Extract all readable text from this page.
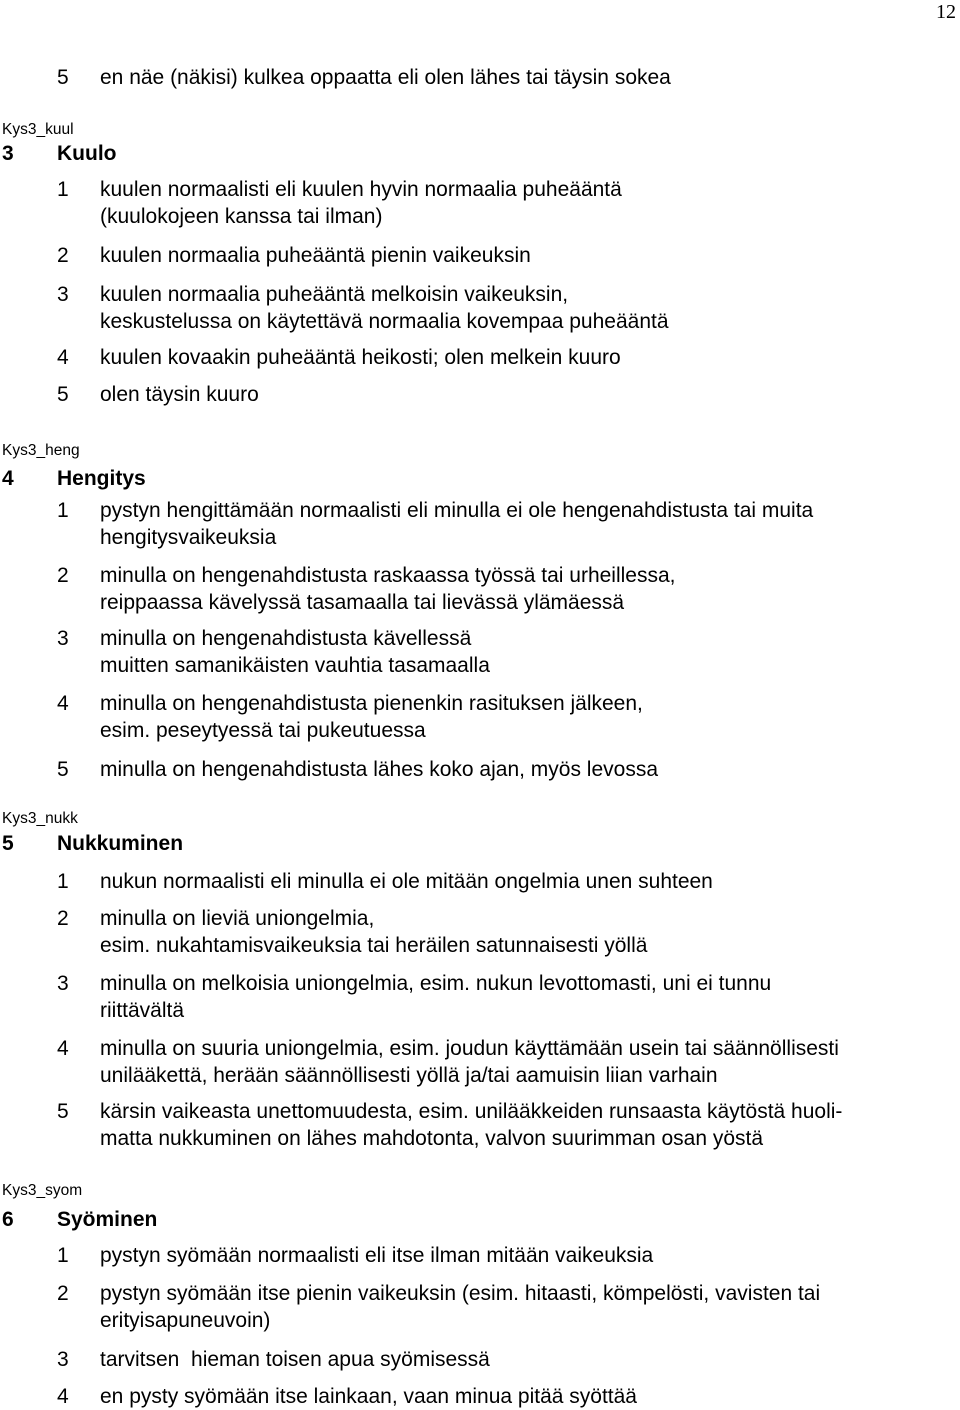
12
5	en näe (näkisi) kulkea oppaatta eli olen lähes tai täysin sokea
Kys3_kuul
3	Kuulo
1	kuulen normaalisti eli kuulen hyvin normaalia puheääntä
(kuulokojeen kanssa tai ilman)
2	kuulen normaalia puheääntä pienin vaikeuksin
3	kuulen normaalia puheääntä melkoisin vaikeuksin,
keskustelussa on käytettävä normaalia kovempaa puheääntä
4	kuulen kovaakin puheääntä heikosti; olen melkein kuuro
5	olen täysin kuuro
Kys3_heng
4	Hengitys
1	pystyn hengittämään normaalisti eli minulla ei ole hengenahdistusta tai muita
hengitysvaikeuksia
2	minulla on hengenahdistusta raskaassa työssä tai urheillessa,
reippaassa kävelyssä tasamaalla tai lievässä ylämäessä
3	minulla on hengenahdistusta kävellessä
muitten samanikäisten vauhtia tasamaalla
4	minulla on hengenahdistusta pienenkin rasituksen jälkeen,
esim. peseytyessä tai pukeutuessa
5	minulla on hengenahdistusta lähes koko ajan, myös levossa
Kys3_nukk
5	Nukkuminen
1	nukun normaalisti eli minulla ei ole mitään ongelmia unen suhteen
2	minulla on lieviä uniongelmia,
esim. nukahtamisvaikeuksia tai heräilen satunnaisesti yöllä
3	minulla on melkoisia uniongelmia, esim. nukun levottomasti, uni ei tunnu
riittävältä
4	minulla on suuria uniongelmia, esim. joudun käyttämään usein tai säännöllisesti
unilääkettä, herään säännöllisesti yöllä ja/tai aamuisin liian varhain
5	kärsin vaikeasta unettomuudesta, esim. unilääkkeiden runsaasta käytöstä huoli-
matta nukkuminen on lähes mahdotonta, valvon suurimman osan yöstä
Kys3_syom
6	Syöminen
1	pystyn syömään normaalisti eli itse ilman mitään vaikeuksia
2	pystyn syömään itse pienin vaikeuksin (esim. hitaasti, kömpelösti, vavisten tai
erityisapuneuvoin)
3	tarvitsen  hieman toisen apua syömisessä
4	en pysty syömään itse lainkaan, vaan minua pitää syöttää
